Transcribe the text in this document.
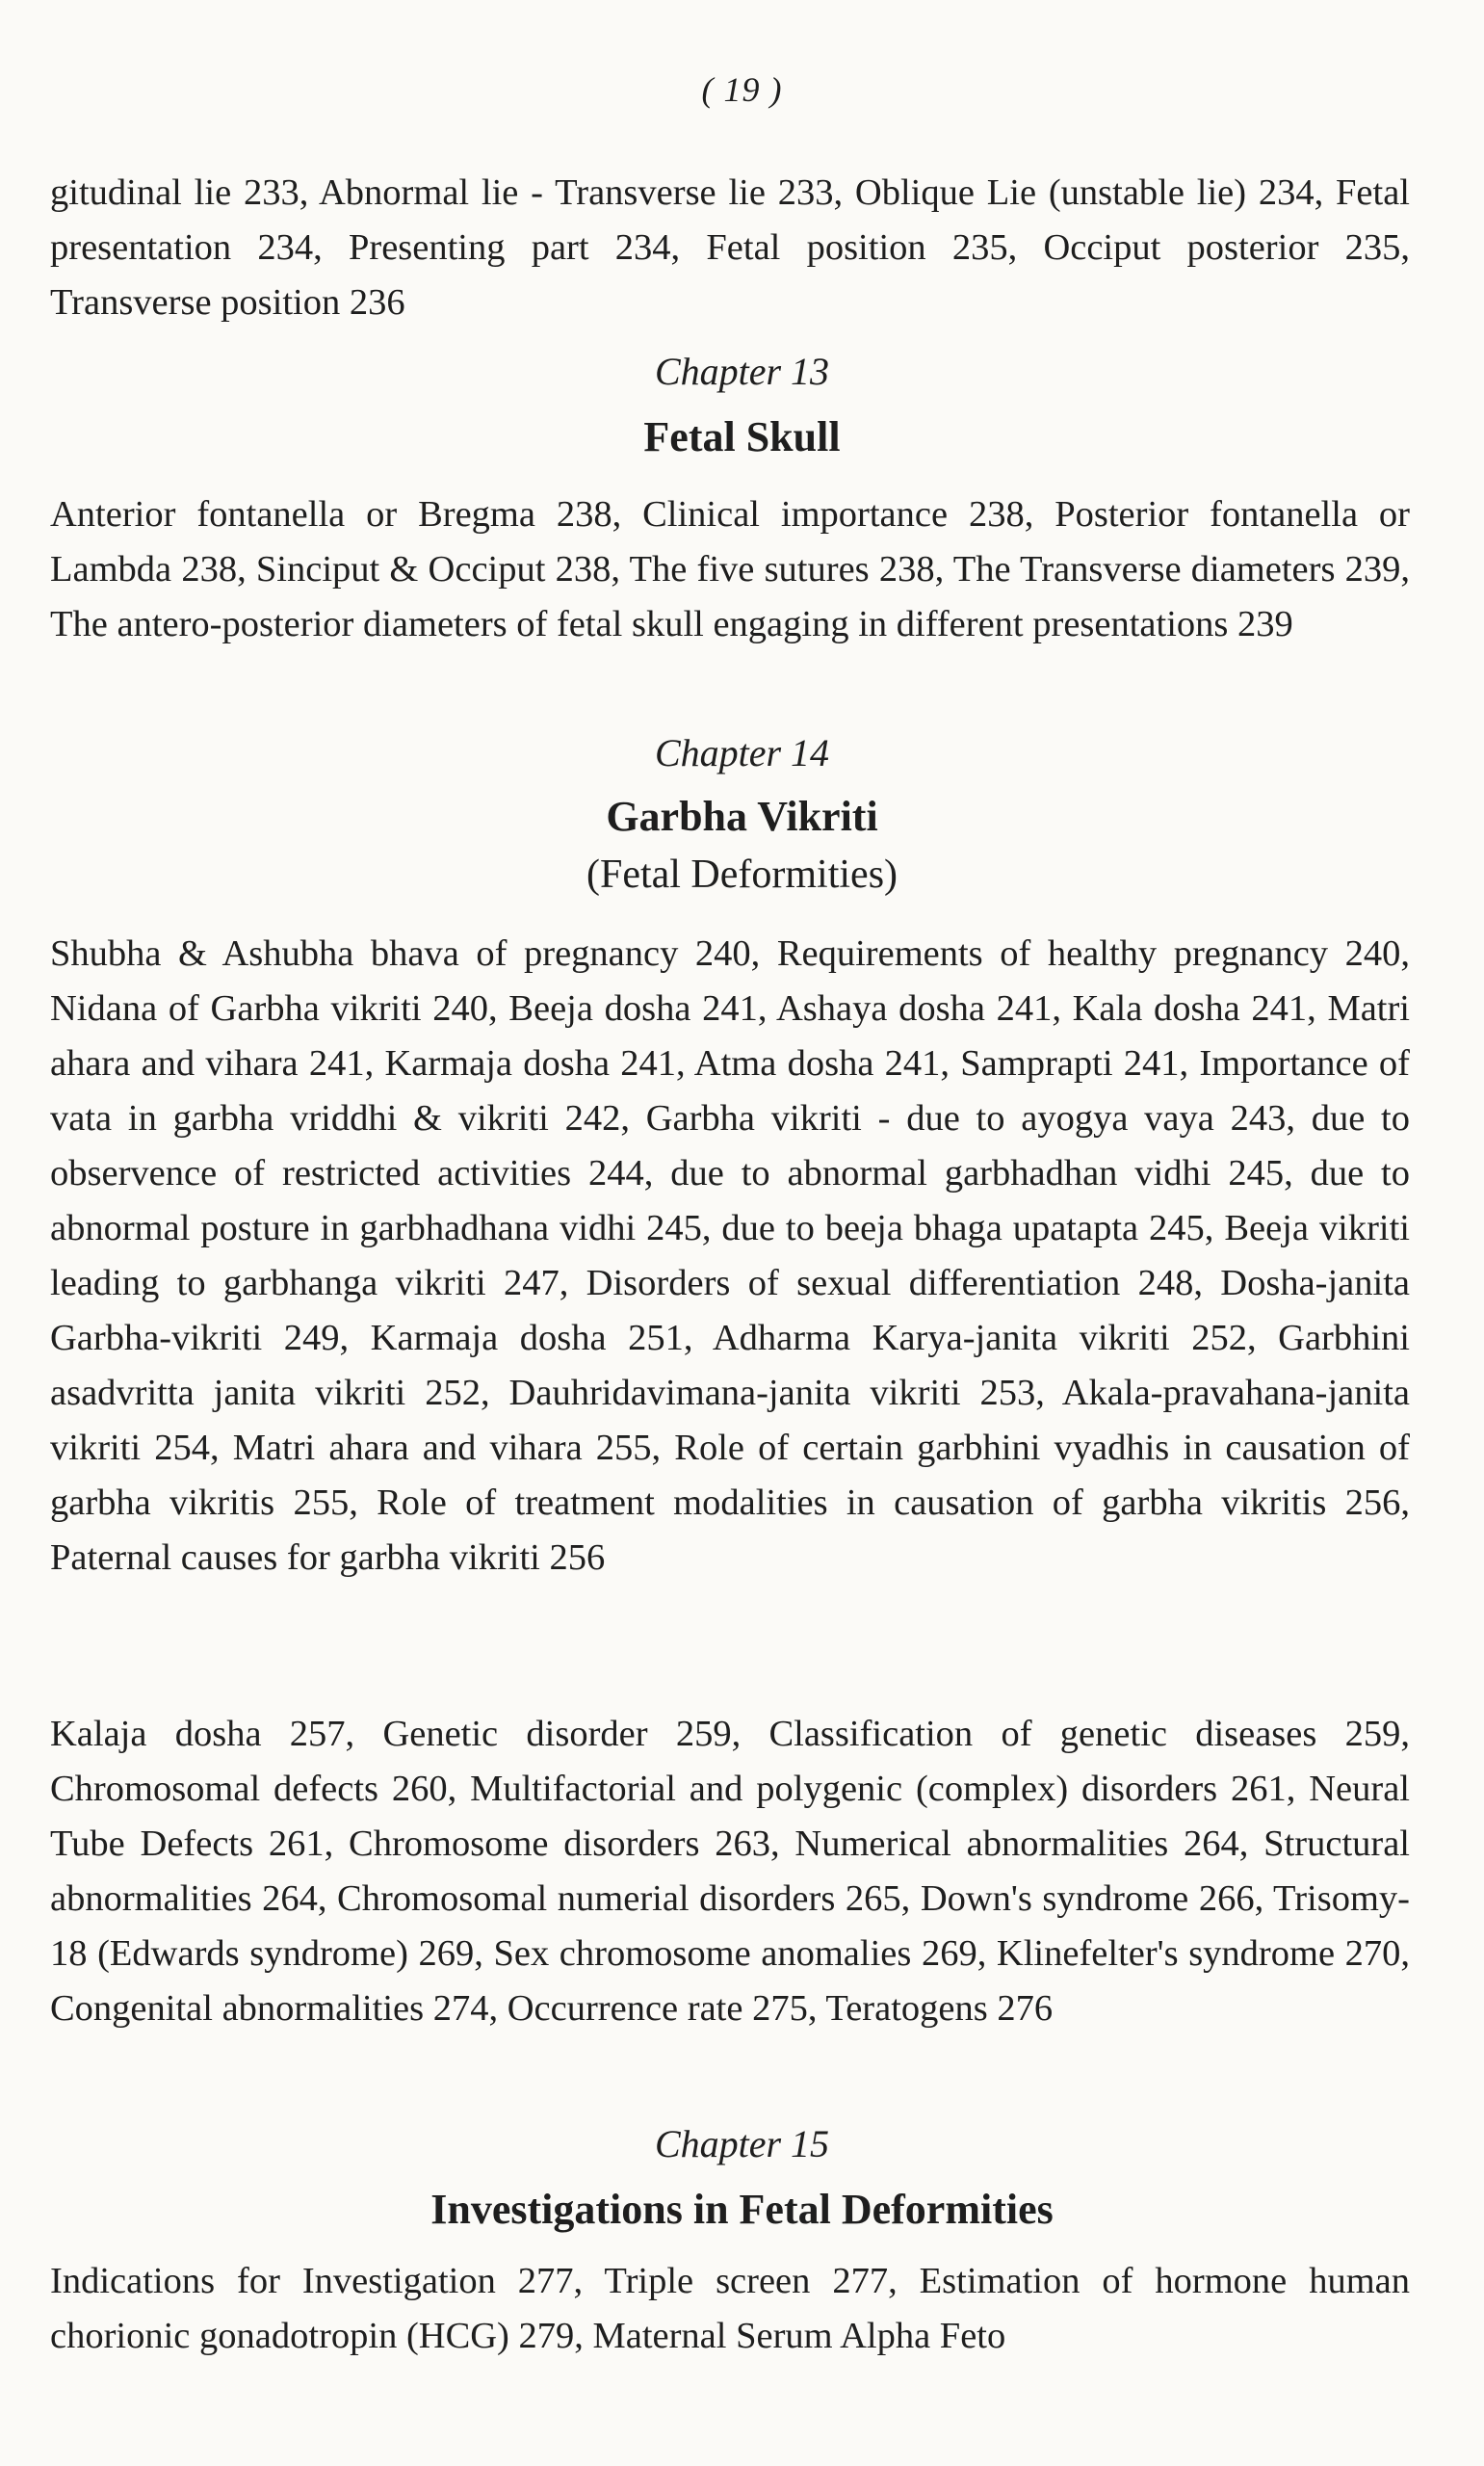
( 19 )

gitudinal lie 233, Abnormal lie - Transverse lie 233, Oblique Lie (unstable lie) 234, Fetal presentation 234, Presenting part 234, Fetal position 235, Occiput posterior 235, Transverse position 236

Chapter 13

Fetal Skull

Anterior fontanella or Bregma 238, Clinical importance 238, Posterior fontanella or Lambda 238, Sinciput & Occiput 238, The five sutures 238, The Transverse diameters 239, The antero-posterior diameters of fetal skull engaging in different presentations 239

Chapter 14

Garbha Vikriti

(Fetal Deformities)

Shubha & Ashubha bhava of pregnancy 240, Requirements of healthy pregnancy 240, Nidana of Garbha vikriti 240, Beeja dosha 241, Ashaya dosha 241, Kala dosha 241, Matri ahara and vihara 241, Karmaja dosha 241, Atma dosha 241, Samprapti 241, Importance of vata in garbha vriddhi & vikriti 242, Garbha vikriti - due to ayogya vaya 243, due to observence of restricted activities 244, due to abnormal garbhadhan vidhi 245, due to abnormal posture in garbhadhana vidhi 245, due to beeja bhaga upatapta 245, Beeja vikriti leading to garbhanga vikriti 247, Disorders of sexual differentiation 248, Dosha-janita Garbha-vikriti 249, Karmaja dosha 251, Adharma Karya-janita vikriti 252, Garbhini asadvritta janita vikriti 252, Dauhridavimana-janita vikriti 253, Akala-pravahana-janita vikriti 254, Matri ahara and vihara 255, Role of certain garbhini vyadhis in causation of garbha vikritis 255, Role of treatment modalities in causation of garbha vikritis 256, Paternal causes for garbha vikriti 256

Kalaja dosha 257, Genetic disorder 259, Classification of genetic diseases 259, Chromosomal defects 260, Multifactorial and polygenic (complex) disorders 261, Neural Tube Defects 261, Chromosome disorders 263, Numerical abnormalities 264, Structural abnormalities 264, Chromosomal numerial disorders 265, Down's syndrome 266, Trisomy-18 (Edwards syndrome) 269, Sex chromosome anomalies 269, Klinefelter's syndrome 270, Congenital abnormalities 274, Occurrence rate 275, Teratogens 276

Chapter 15

Investigations in Fetal Deformities

Indications for Investigation 277, Triple screen 277, Estimation of hormone human chorionic gonadotropin (HCG) 279, Maternal Serum Alpha Feto
